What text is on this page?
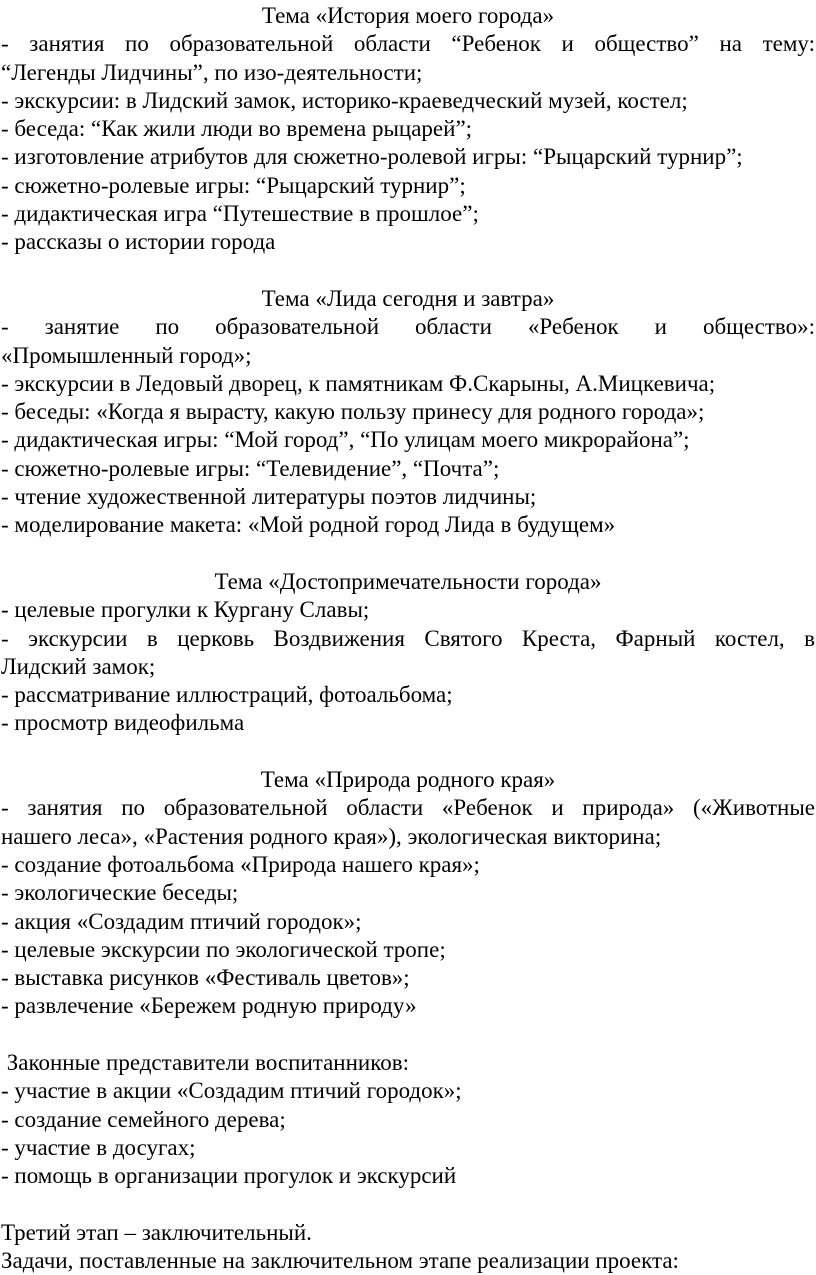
Тема «История моего города»
- занятия по образовательной области “Ребенок и общество” на тему:
“Легенды Лидчины”, по изо-деятельности;
- экскурсии: в Лидский замок, историко-краеведческий музей, костел;
- беседа: “Как жили люди во времена рыцарей”;
- изготовление атрибутов для сюжетно-ролевой игры: “Рыцарский турнир”;
- сюжетно-ролевые игры: “Рыцарский турнир”;
- дидактическая игра “Путешествие в прошлое”;
- рассказы о истории города
Тема «Лида сегодня и завтра»
- занятие по образовательной области «Ребенок и общество»:
«Промышленный город»;
- экскурсии в Ледовый дворец, к памятникам Ф.Скарыны, А.Мицкевича;
- беседы: «Когда я вырасту, какую пользу принесу для родного города»;
- дидактическая игры: “Мой город”, “По улицам моего микрорайона”;
- сюжетно-ролевые игры: “Телевидение”, “Почта”;
- чтение художественной литературы поэтов лидчины;
- моделирование макета: «Мой родной город Лида в будущем»
Тема «Достопримечательности города»
- целевые прогулки к Кургану Славы;
- экскурсии в церковь Воздвижения Святого Креста, Фарный костел, в
Лидский замок;
- рассматривание иллюстраций, фотоальбома;
- просмотр видеофильма
Тема «Природа родного края»
- занятия по образовательной области «Ребенок и природа» («Животные
нашего леса», «Растения родного края»), экологическая викторина;
- создание фотоальбома «Природа нашего края»;
- экологические беседы;
- акция «Создадим птичий городок»;
- целевые экскурсии по экологической тропе;
- выставка рисунков «Фестиваль цветов»;
- развлечение «Бережем родную природу»
Законные представители воспитанников:
- участие в акции «Создадим птичий городок»;
- создание семейного дерева;
- участие в досугах;
- помощь в организации прогулок и экскурсий
Третий этап – заключительный.
Задачи, поставленные на заключительном этапе реализации проекта:
